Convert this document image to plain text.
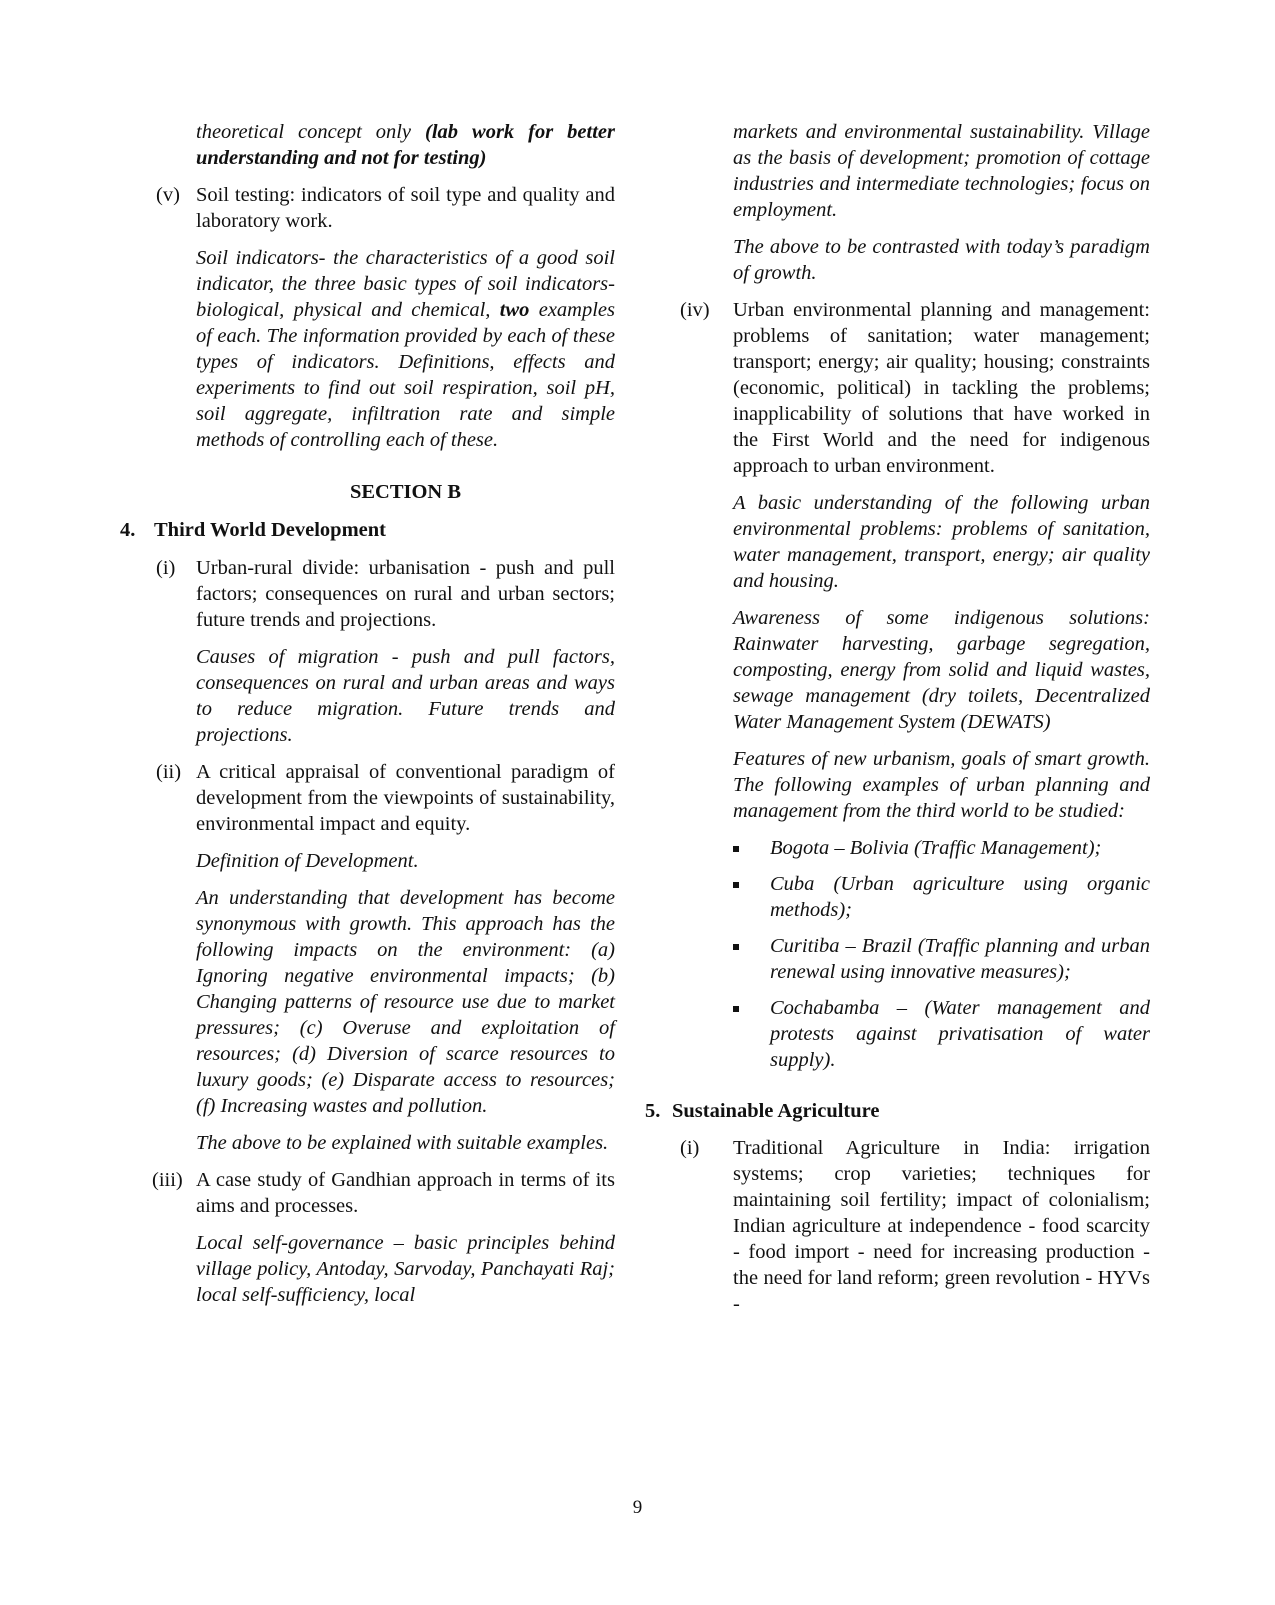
theoretical concept only (lab work for better understanding and not for testing)

(v) Soil testing: indicators of soil type and quality and laboratory work.

Soil indicators- the characteristics of a good soil indicator, the three basic types of soil indicators- biological, physical and chemical, two examples of each. The information provided by each of these types of indicators. Definitions, effects and experiments to find out soil respiration, soil pH, soil aggregate, infiltration rate and simple methods of controlling each of these.

SECTION B
4. Third World Development
(i) Urban-rural divide: urbanisation - push and pull factors; consequences on rural and urban sectors; future trends and projections.

Causes of migration - push and pull factors, consequences on rural and urban areas and ways to reduce migration. Future trends and projections.

(ii) A critical appraisal of conventional paradigm of development from the viewpoints of sustainability, environmental impact and equity.

Definition of Development.

An understanding that development has become synonymous with growth. This approach has the following impacts on the environment: (a) Ignoring negative environmental impacts; (b) Changing patterns of resource use due to market pressures; (c) Overuse and exploitation of resources; (d) Diversion of scarce resources to luxury goods; (e) Disparate access to resources; (f) Increasing wastes and pollution.

The above to be explained with suitable examples.

(iii) A case study of Gandhian approach in terms of its aims and processes.

Local self-governance – basic principles behind village policy, Antoday, Sarvoday, Panchayati Raj; local self-sufficiency, local

markets and environmental sustainability. Village as the basis of development; promotion of cottage industries and intermediate technologies; focus on employment.

The above to be contrasted with today’s paradigm of growth.

(iv) Urban environmental planning and management: problems of sanitation; water management; transport; energy; air quality; housing; constraints (economic, political) in tackling the problems; inapplicability of solutions that have worked in the First World and the need for indigenous approach to urban environment.

A basic understanding of the following urban environmental problems: problems of sanitation, water management, transport, energy; air quality and housing.

Awareness of some indigenous solutions: Rainwater harvesting, garbage segregation, composting, energy from solid and liquid wastes, sewage management (dry toilets, Decentralized Water Management System (DEWATS)

Features of new urbanism, goals of smart growth. The following examples of urban planning and management from the third world to be studied:

Bogota – Bolivia (Traffic Management);
Cuba (Urban agriculture using organic methods);
Curitiba – Brazil (Traffic planning and urban renewal using innovative measures);
Cochabamba – (Water management and protests against privatisation of water supply).
5. Sustainable Agriculture
(i) Traditional Agriculture in India: irrigation systems; crop varieties; techniques for maintaining soil fertility; impact of colonialism; Indian agriculture at independence - food scarcity - food import - need for increasing production - the need for land reform; green revolution - HYVs -
9
